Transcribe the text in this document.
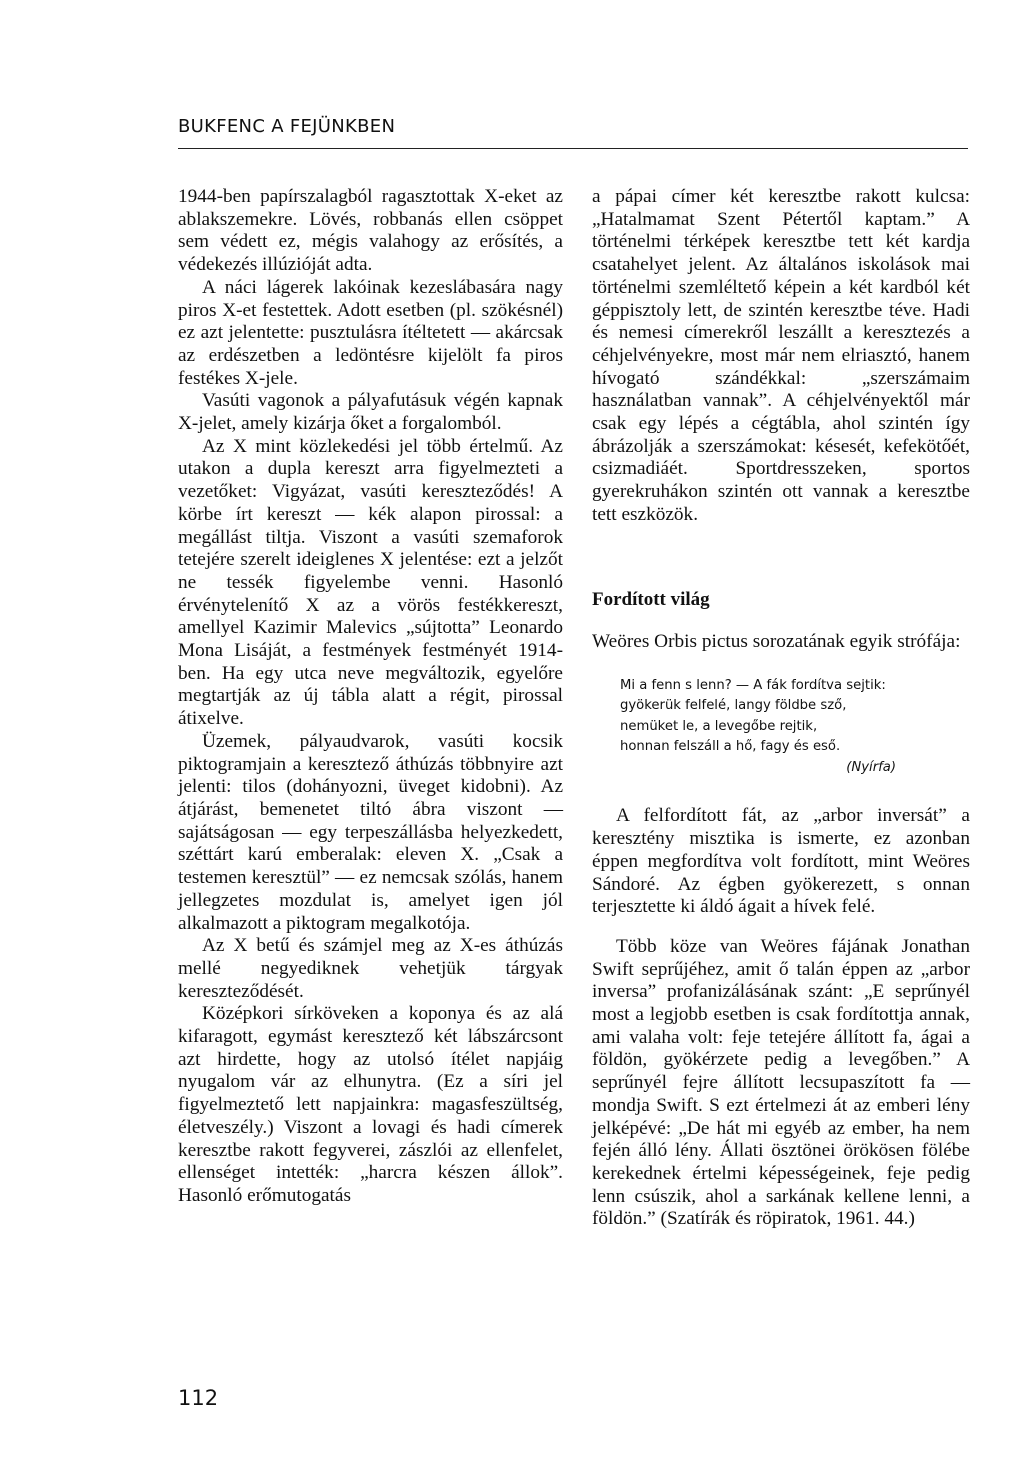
BUKFENC A FEJÜNKBEN

1944-ben papírszalagból ragasztottak X-eket az ablakszemekre. Lövés, robbanás ellen csöppet sem védett ez, mégis valahogy az erősítés, a védekezés illúzióját adta.

A náci lágerek lakóinak kezeslábasára nagy piros X-et festettek. Adott esetben (pl. szökésnél) ez azt jelentette: pusztulásra ítéltetett — akárcsak az erdészetben a ledöntésre kijelölt fa piros festékes X-jele.

Vasúti vagonok a pályafutásuk végén kapnak X-jelet, amely kizárja őket a forgalomból.

Az X mint közlekedési jel több értelmű. Az utakon a dupla kereszt arra figyelmezteti a vezetőket: Vigyázat, vasúti kereszteződés! A körbe írt kereszt — kék alapon pirossal: a megállást tiltja. Viszont a vasúti szemaforok tetejére szerelt ideiglenes X jelentése: ezt a jelzőt ne tessék figyelembe venni. Hasonló érvénytelenítő X az a vörös festékkereszt, amellyel Kazimir Malevics „sújtotta” Leonardo Mona Lisáját, a festmények festményét 1914-ben. Ha egy utca neve megváltozik, egyelőre megtartják az új tábla alatt a régit, pirossal átixelve.

Üzemek, pályaudvarok, vasúti kocsik piktogramjain a keresztező áthúzás többnyire azt jelenti: tilos (dohányozni, üveget kidobni). Az átjárást, bemenetet tiltó ábra viszont — sajátságosan — egy terpeszállásba helyezkedett, széttárt karú emberalak: eleven X. „Csak a testemen keresztül” — ez nemcsak szólás, hanem jellegzetes mozdulat is, amelyet igen jól alkalmazott a piktogram megalkotója.

Az X betű és számjel meg az X-es áthúzás mellé negyediknek vehetjük tárgyak kereszteződését.

Középkori sírköveken a koponya és az alá kifaragott, egymást keresztező két lábszárcsont azt hirdette, hogy az utolsó ítélet napjáig nyugalom vár az elhunytra. (Ez a síri jel figyelmeztető lett napjainkra: magasfeszültség, életveszély.) Viszont a lovagi és hadi címerek keresztbe rakott fegyverei, zászlói az ellenfelet, ellenséget intették: „harcra készen állok”. Hasonló erőmutogatás

a pápai címer két keresztbe rakott kulcsa: „Hatalmamat Szent Pétertől kaptam.” A történelmi térképek keresztbe tett két kardja csatahelyet jelent. Az általános iskolások mai történelmi szemléltető képein a két kardból két géppisztoly lett, de szintén keresztbe téve. Hadi és nemesi címerekről leszállt a keresztezés a céhjelvényekre, most már nem elriasztó, hanem hívogató szándékkal: „szerszámaim használatban vannak”. A céhjelvényektől már csak egy lépés a cégtábla, ahol szintén így ábrázolják a szerszámokat: késesét, kefekötőét, csizmadiáét. Sportdresszeken, sportos gyerekruhákon szintén ott vannak a keresztbe tett eszközök.

Fordított világ

Weöres Orbis pictus sorozatának egyik strófája:

Mi a fenn s lenn? — A fák fordítva sejtik:
gyökerük felfelé, langy földbe sző,
nemüket le, a levegőbe rejtik,
honnan felszáll a hő, fagy és eső.
(Nyírfa)

A felfordított fát, az „arbor inversát” a keresztény misztika is ismerte, ez azonban éppen megfordítva volt fordított, mint Weöres Sándoré. Az égben gyökerezett, s onnan terjesztette ki áldó ágait a hívek felé.

Több köze van Weöres fájának Jonathan Swift seprűjéhez, amit ő talán éppen az „arbor inversa” profanizálásának szánt: „E seprűnyél most a legjobb esetben is csak fordítottja annak, ami valaha volt: feje tetejére állított fa, ágai a földön, gyökérzete pedig a levegőben.” A seprűnyél fejre állított lecsupaszított fa — mondja Swift. S ezt értelmezi át az emberi lény jelképévé: „De hát mi egyéb az ember, ha nem fején álló lény. Állati ösztönei örökösen fölébe kerekednek értelmi képességeinek, feje pedig lenn csúszik, ahol a sarkának kellene lenni, a földön.” (Szatírák és röpiratok, 1961. 44.)

112
